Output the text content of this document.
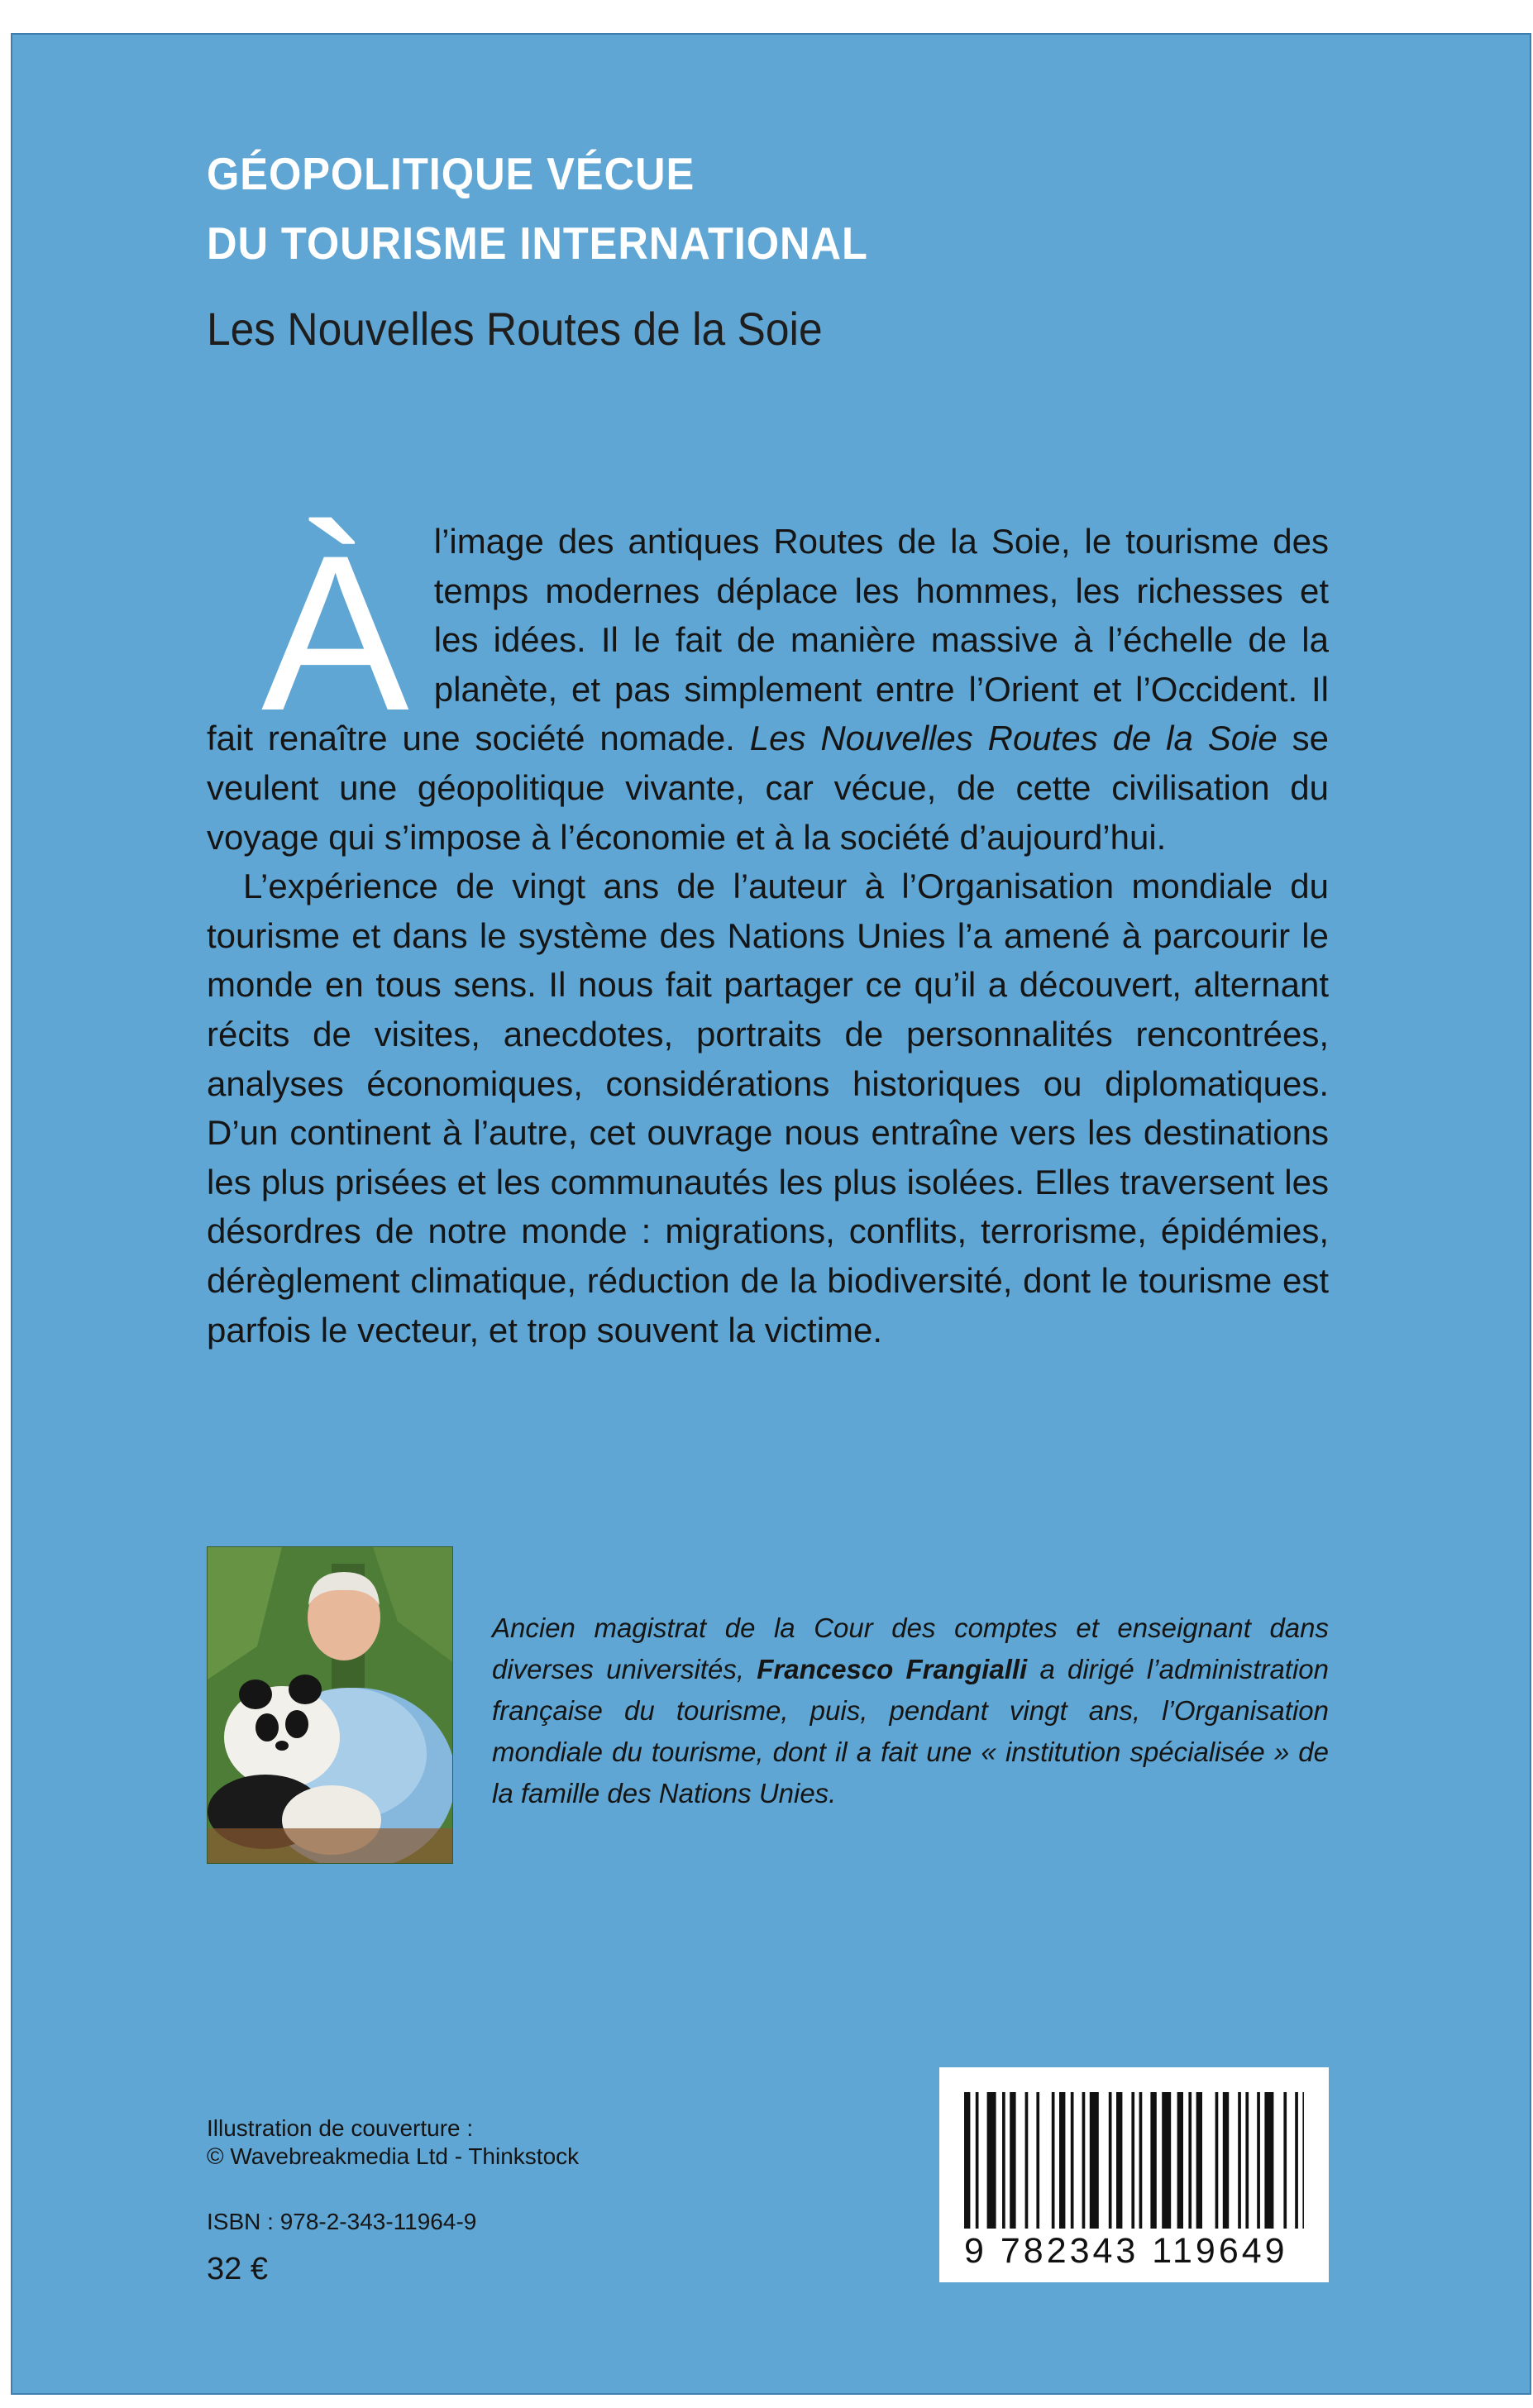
GÉOPOLITIQUE VÉCUE
DU TOURISME INTERNATIONAL
Les Nouvelles Routes de la Soie

À l’image des antiques Routes de la Soie, le tourisme des temps modernes déplace les hommes, les richesses et les idées. Il le fait de manière massive à l’échelle de la planète, et pas simplement entre l’Orient et l’Occident. Il fait renaître une société nomade. Les Nouvelles Routes de la Soie se veulent une géopolitique vivante, car vécue, de cette civilisation du voyage qui s’impose à l’économie et à la société d’aujourd’hui.

L’expérience de vingt ans de l’auteur à l’Organisation mondiale du tourisme et dans le système des Nations Unies l’a amené à parcourir le monde en tous sens. Il nous fait partager ce qu’il a découvert, alternant récits de visites, anecdotes, portraits de personnalités rencontrées, analyses économiques, considérations historiques ou diplomatiques. D’un continent à l’autre, cet ouvrage nous entraîne vers les destinations les plus prisées et les communautés les plus isolées. Elles traversent les désordres de notre monde : migrations, conflits, terrorisme, épidémies, dérèglement climatique, réduction de la biodiversité, dont le tourisme est parfois le vecteur, et trop souvent la victime.

Ancien magistrat de la Cour des comptes et enseignant dans diverses universités, Francesco Frangialli a dirigé l’administration française du tourisme, puis, pendant vingt ans, l’Organisation mondiale du tourisme, dont il a fait une « institution spécialisée » de la famille des Nations Unies.
Illustration de couverture :
© Wavebreakmedia Ltd - Thinkstock
ISBN : 978-2-343-11964-9
32 €	9 782343 119649
